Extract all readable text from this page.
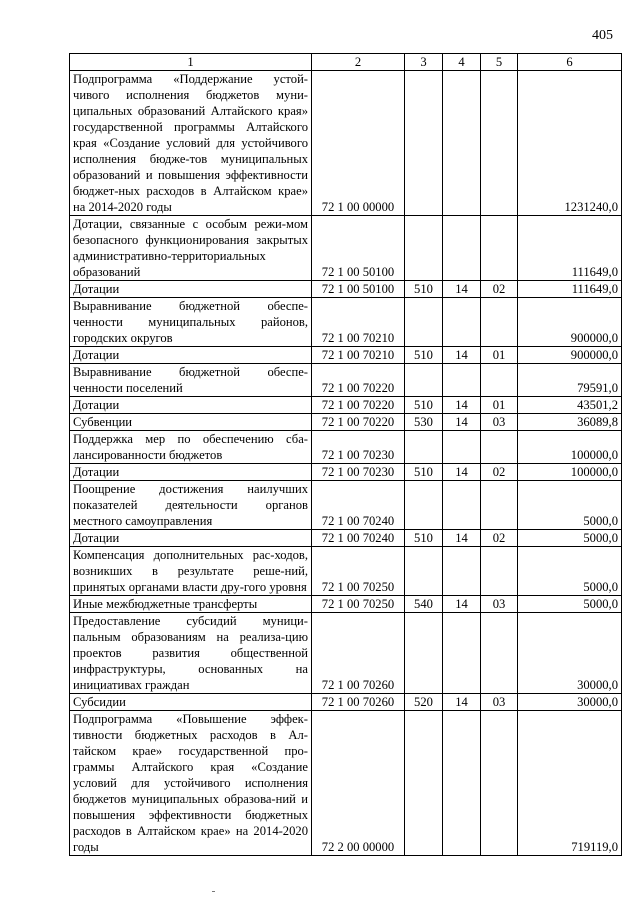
405
1	2	3	4	5	6
Подпрограмма «Поддержание устой-чивого исполнения бюджетов муни-ципальных образований Алтайского края» государственной программы Алтайского края «Создание условий для устойчивого исполнения бюдже-тов муниципальных образований и повышения эффективности бюджет-ных расходов в Алтайском крае» на 2014-2020 годы	72 1 00 00000				1231240,0
Дотации, связанные с особым режи-мом безопасного функционирования закрытых административно-территориальных образований	72 1 00 50100				111649,0
Дотации	72 1 00 50100	510	14	02	111649,0
Выравнивание бюджетной обеспе-ченности муниципальных районов, городских округов	72 1 00 70210				900000,0
Дотации	72 1 00 70210	510	14	01	900000,0
Выравнивание бюджетной обеспе-ченности поселений	72 1 00 70220				79591,0
Дотации	72 1 00 70220	510	14	01	43501,2
Субвенции	72 1 00 70220	530	14	03	36089,8
Поддержка мер по обеспечению сба-лансированности бюджетов	72 1 00 70230				100000,0
Дотации	72 1 00 70230	510	14	02	100000,0
Поощрение достижения наилучших показателей деятельности органов местного самоуправления	72 1 00 70240				5000,0
Дотации	72 1 00 70240	510	14	02	5000,0
Компенсация дополнительных рас-ходов, возникших в результате реше-ний, принятых органами власти дру-гого уровня	72 1 00 70250				5000,0
Иные межбюджетные трансферты	72 1 00 70250	540	14	03	5000,0
Предоставление субсидий муници-пальным образованиям на реализа-цию проектов развития общественной инфраструктуры, основанных на инициативах граждан	72 1 00 70260				30000,0
Субсидии	72 1 00 70260	520	14	03	30000,0
Подпрограмма «Повышение эффек-тивности бюджетных расходов в Ал-тайском крае» государственной про-граммы Алтайского края «Создание условий для устойчивого исполнения бюджетов муниципальных образова-ний и повышения эффективности бюджетных расходов в Алтайском крае» на 2014-2020 годы	72 2 00 00000				719119,0
